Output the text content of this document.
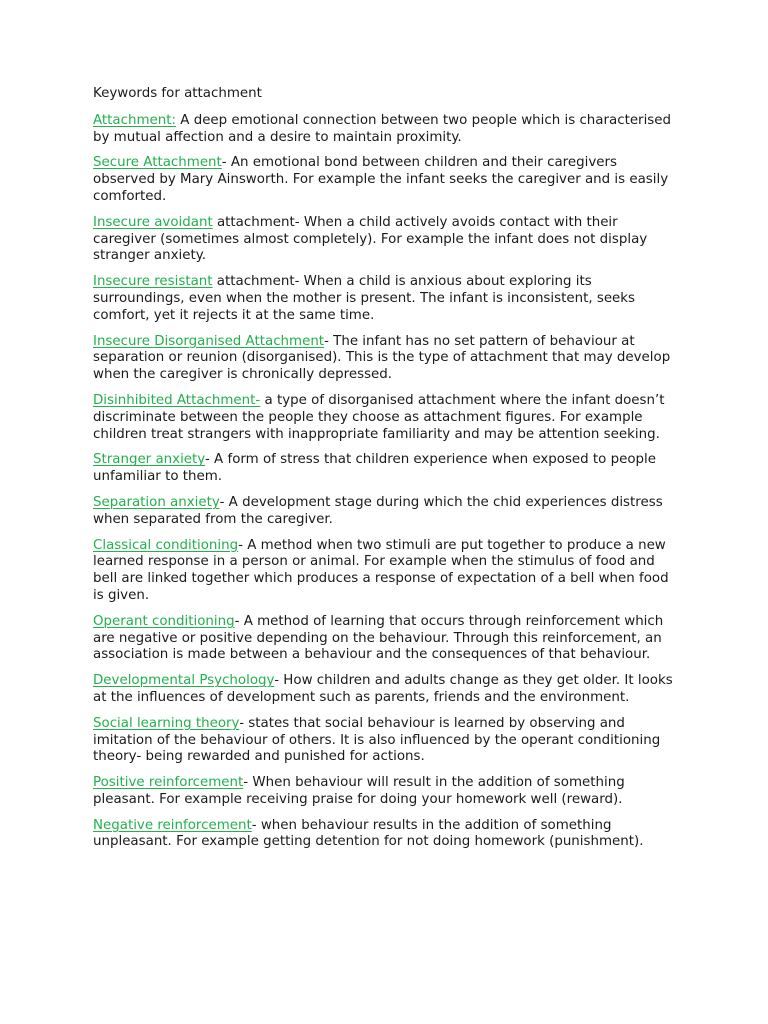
Keywords for attachment

Attachment: A deep emotional connection between two people which is characterised by mutual affection and a desire to maintain proximity.

Secure Attachment- An emotional bond between children and their caregivers observed by Mary Ainsworth. For example the infant seeks the caregiver and is easily comforted.

Insecure avoidant attachment- When a child actively avoids contact with their caregiver (sometimes almost completely). For example the infant does not display stranger anxiety.

Insecure resistant attachment- When a child is anxious about exploring its surroundings, even when the mother is present. The infant is inconsistent, seeks comfort, yet it rejects it at the same time.

Insecure Disorganised Attachment- The infant has no set pattern of behaviour at separation or reunion (disorganised). This is the type of attachment that may develop when the caregiver is chronically depressed.

Disinhibited Attachment- a type of disorganised attachment where the infant doesn’t discriminate between the people they choose as attachment figures. For example children treat strangers with inappropriate familiarity and may be attention seeking.

Stranger anxiety- A form of stress that children experience when exposed to people unfamiliar to them.

Separation anxiety- A development stage during which the chid experiences distress when separated from the caregiver.

Classical conditioning- A method when two stimuli are put together to produce a new learned response in a person or animal. For example when the stimulus of food and bell are linked together which produces a response of expectation of a bell when food is given.

Operant conditioning- A method of learning that occurs through reinforcement which are negative or positive depending on the behaviour. Through this reinforcement, an association is made between a behaviour and the consequences of that behaviour.

Developmental Psychology- How children and adults change as they get older. It looks at the influences of development such as parents, friends and the environment.

Social learning theory- states that social behaviour is learned by observing and imitation of the behaviour of others. It is also influenced by the operant conditioning theory- being rewarded and punished for actions.

Positive reinforcement- When behaviour will result in the addition of something pleasant. For example receiving praise for doing your homework well (reward).

Negative reinforcement- when behaviour results in the addition of something unpleasant. For example getting detention for not doing homework (punishment).
